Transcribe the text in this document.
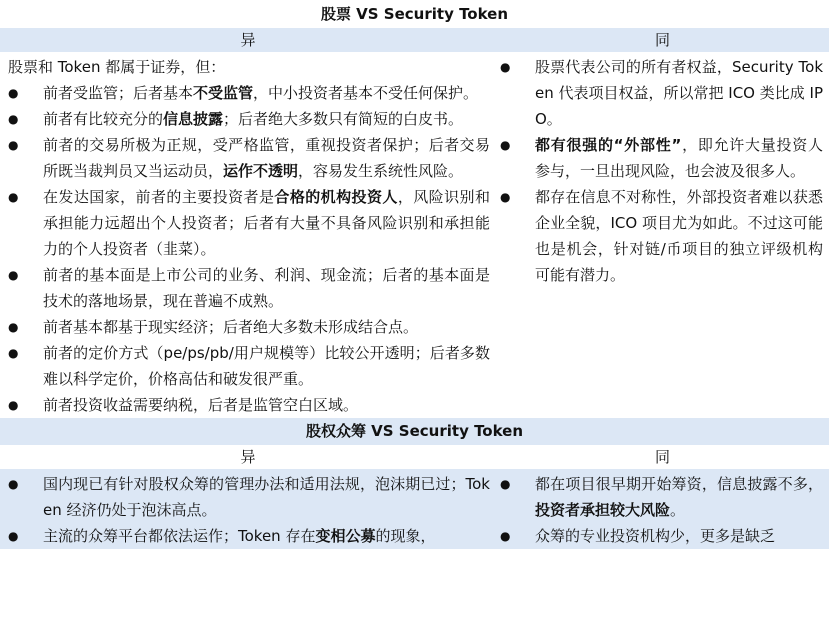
股票 VS Security Token
异	同
股票和 Token 都属于证券，但：
●
前者受监管；后者基本不受监管，中小投资者基本不受任何保护。
●
前者有比较充分的信息披露；后者绝大多数只有简短的白皮书。
●
前者的交易所极为正规，受严格监管，重视投资者保护；后者交易所既当裁判员又当运动员，运作不透明，容易发生系统性风险。
●
在发达国家，前者的主要投资者是合格的机构投资人，风险识别和承担能力远超出个人投资者；后者有大量不具备风险识别和承担能力的个人投资者（韭菜）。
●
前者的基本面是上市公司的业务、利润、现金流；后者的基本面是技术的落地场景，现在普遍不成熟。
●
前者基本都基于现实经济；后者绝大多数未形成结合点。
●
前者的定价方式（pe/ps/pb/用户规模等）比较公开透明；后者多数难以科学定价，价格高估和破发很严重。
●
前者投资收益需要纳税，后者是监管空白区域。
●
股票代表公司的所有者权益，Security Token 代表项目权益，所以常把 ICO 类比成 IPO。
●
都有很强的“外部性”，即允许大量投资人参与，一旦出现风险，也会波及很多人。
●
都存在信息不对称性，外部投资者难以获悉企业全貌，ICO 项目尤为如此。不过这可能也是机会，针对链/币项目的独立评级机构可能有潜力。
股权众筹 VS Security Token
异	同
●
国内现已有针对股权众筹的管理办法和适用法规，泡沫期已过；Token 经济仍处于泡沫高点。
●
主流的众筹平台都依法运作；Token 存在变相公募的现象，
●
都在项目很早期开始筹资，信息披露不多，投资者承担较大风险。
●
众筹的专业投资机构少，更多是缺乏
